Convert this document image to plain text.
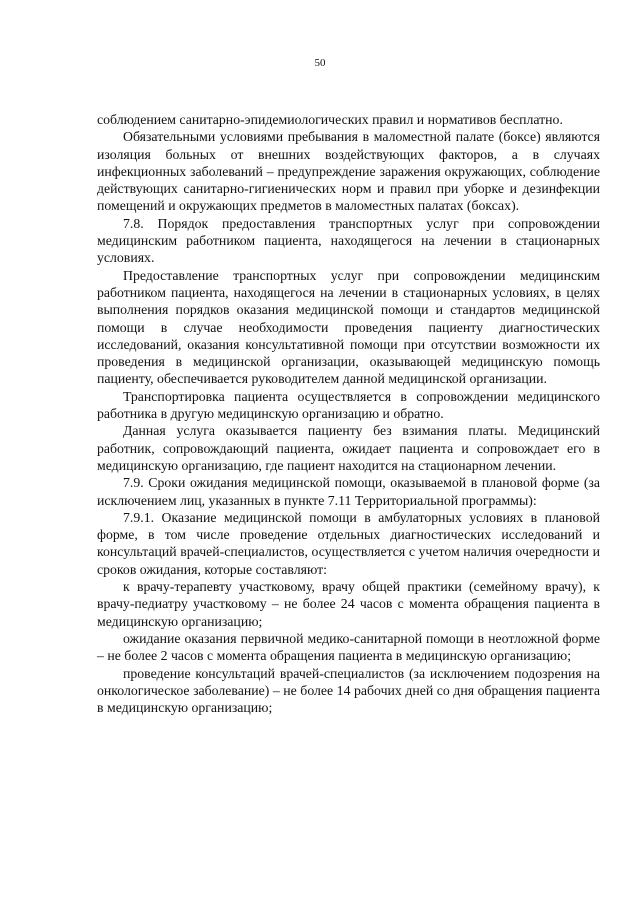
50

соблюдением санитарно-эпидемиологических правил и нормативов бесплатно.

Обязательными условиями пребывания в маломестной палате (боксе) являются изоляция больных от внешних воздействующих факторов, а в случаях инфекционных заболеваний – предупреждение заражения окружающих, соблюдение действующих санитарно-гигиенических норм и правил при уборке и дезинфекции помещений и окружающих предметов в маломестных палатах (боксах).

7.8. Порядок предоставления транспортных услуг при сопровождении медицинским работником пациента, находящегося на лечении в стационарных условиях.

Предоставление транспортных услуг при сопровождении медицинским работником пациента, находящегося на лечении в стационарных условиях, в целях выполнения порядков оказания медицинской помощи и стандартов медицинской помощи в случае необходимости проведения пациенту диагностических исследований, оказания консультативной помощи при отсутствии возможности их проведения в медицинской организации, оказывающей медицинскую помощь пациенту, обеспечивается руководителем данной медицинской организации.

Транспортировка пациента осуществляется в сопровождении медицинского работника в другую медицинскую организацию и обратно.

Данная услуга оказывается пациенту без взимания платы. Медицинский работник, сопровождающий пациента, ожидает пациента и сопровождает его в медицинскую организацию, где пациент находится на стационарном лечении.

7.9. Сроки ожидания медицинской помощи, оказываемой в плановой форме (за исключением лиц, указанных в пункте 7.11 Территориальной программы):

7.9.1. Оказание медицинской помощи в амбулаторных условиях в плановой форме, в том числе проведение отдельных диагностических исследований и консультаций врачей-специалистов, осуществляется с учетом наличия очередности и сроков ожидания, которые составляют:

к врачу-терапевту участковому, врачу общей практики (семейному врачу), к врачу-педиатру участковому – не более 24 часов с момента обращения пациента в медицинскую организацию;

ожидание оказания первичной медико-санитарной помощи в неотложной форме – не более 2 часов с момента обращения пациента в медицинскую организацию;

проведение консультаций врачей-специалистов (за исключением подозрения на онкологическое заболевание) – не более 14 рабочих дней со дня обращения пациента в медицинскую организацию;
